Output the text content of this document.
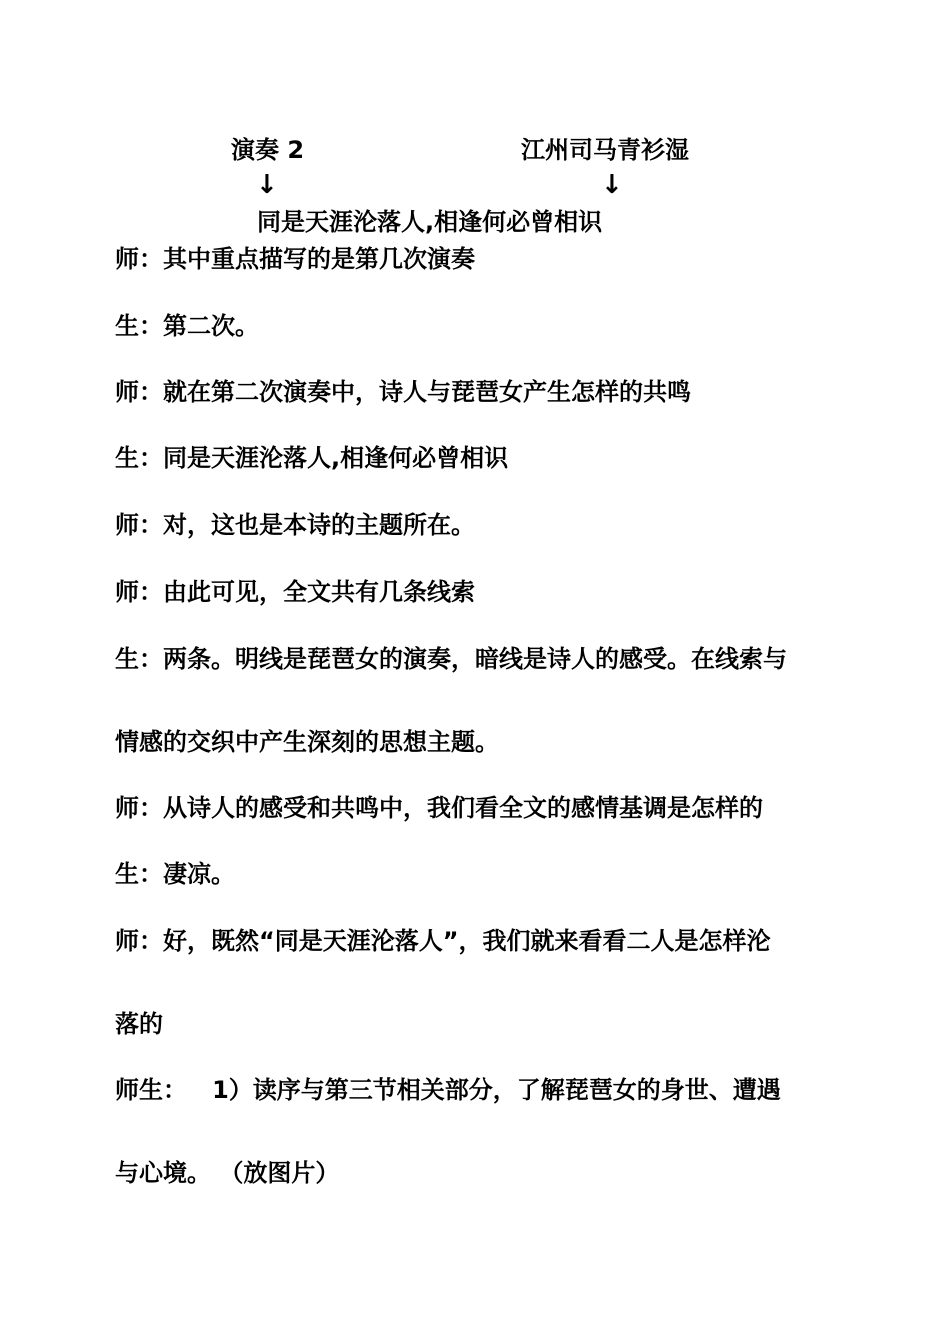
演奏 2	江州司马青衫湿
↓	↓
同是天涯沦落人,相逢何必曾相识
师：其中重点描写的是第几次演奏
生：第二次。
师：就在第二次演奏中，诗人与琵琶女产生怎样的共鸣
生：同是天涯沦落人,相逢何必曾相识
师：对，这也是本诗的主题所在。
师：由此可见，全文共有几条线索
生：两条。明线是琵琶女的演奏，暗线是诗人的感受。在线索与
情感的交织中产生深刻的思想主题。
师：从诗人的感受和共鸣中，我们看全文的感情基调是怎样的
生：凄凉。
师：好，既然“同是天涯沦落人”，我们就来看看二人是怎样沦
落的
师生：   1）读序与第三节相关部分，了解琵琶女的身世、遭遇
与心境。 （放图片）
